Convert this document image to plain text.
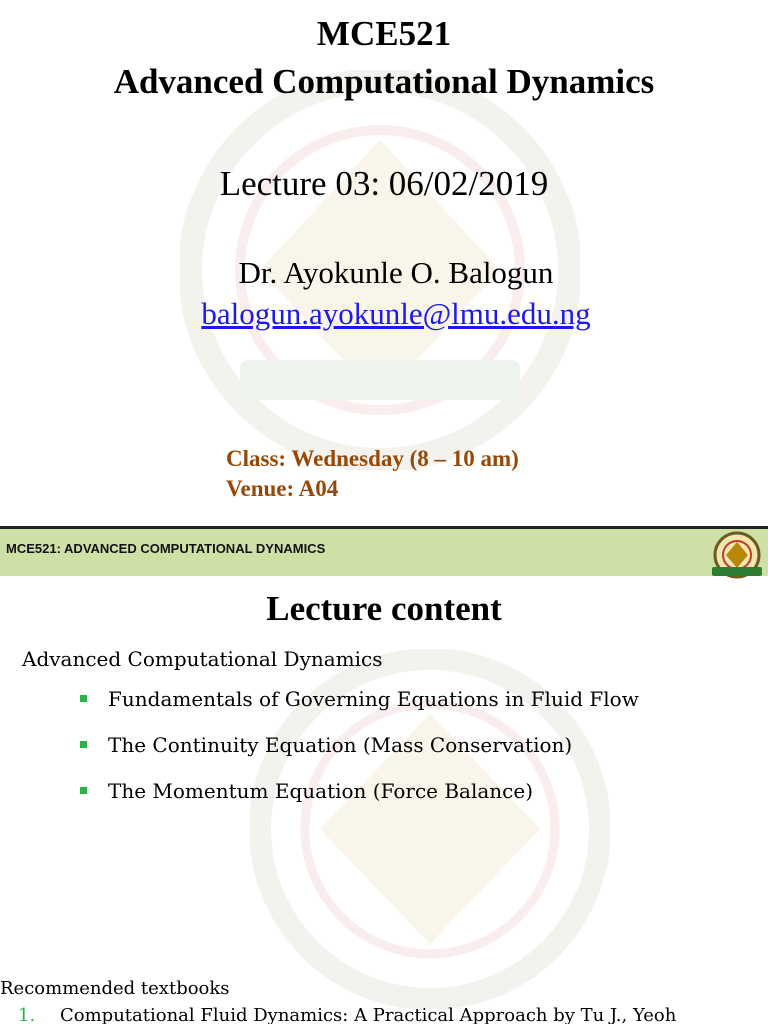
MCE521
Advanced Computational Dynamics
Lecture 03: 06/02/2019
Dr. Ayokunle O. Balogun
balogun.ayokunle@lmu.edu.ng
Class: Wednesday (8 – 10 am)
Venue: A04
MCE521: ADVANCED COMPUTATIONAL DYNAMICS
Lecture content
Advanced Computational Dynamics
Fundamentals of Governing Equations in Fluid Flow
The Continuity Equation (Mass Conservation)
The Momentum Equation (Force Balance)
Recommended textbooks
1. Computational Fluid Dynamics: A Practical Approach by Tu J., Yeoh
